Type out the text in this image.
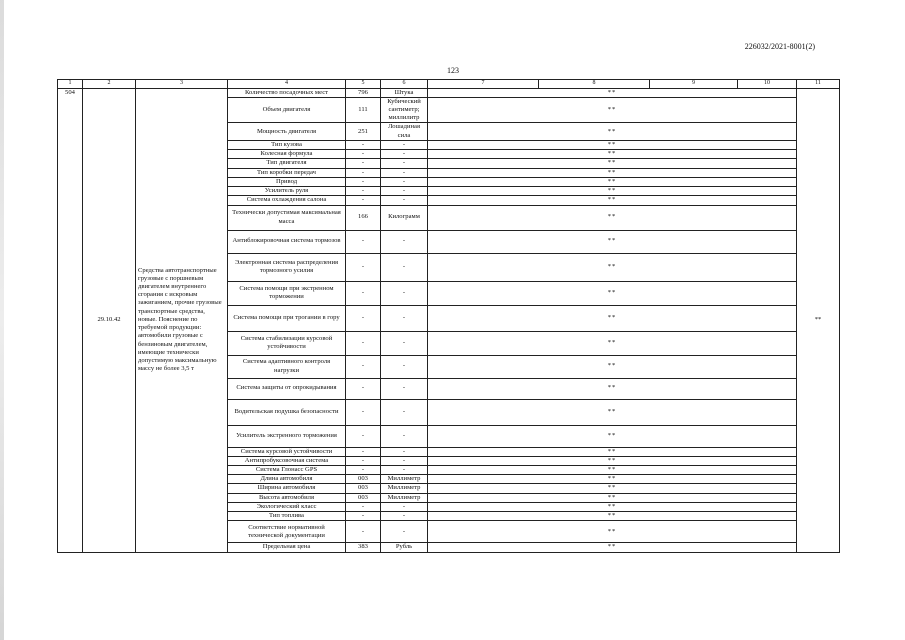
226032/2021-8001(2)
123
1	2	3	4	5	6	7	8	9	10	11
504	29.10.42	Средства автотранспортные грузовые с поршневым двигателем внутреннего сгорания с искровым зажиганием, прочие грузовые транспортные средства, новые. Пояснение по требуемой продукции: автомобили грузовые с бензиновым двигателем, имеющие технически допустимую максимальную массу не более 3,5 т	Количество посадочных мест	796	Штука	**				**
			Объем двигателя	111	Кубический сантиметр; миллилитр	**				
			Мощность двигателя	251	Лошадиная сила	**				
			Тип кузова	-	-	**				
			Колесная формула	-	-	**				
			Тип двигателя	-	-	**				
			Тип коробки передач	-	-	**				
			Привод	-	-	**				
			Усилитель руля	-	-	**				
			Система охлаждения салона	-	-	**				
			Технически допустимая максимальная масса	166	Килограмм	**				
			Антиблокировочная система тормозов	-	-	**				
			Электронная система распределения тормозного усилия	-	-	**				
			Система помощи при экстренном торможении	-	-	**				
			Система помощи при трогании в гору	-	-	**				
			Система стабилизации курсовой устойчивости	-	-	**				
			Система адаптивного контроля нагрузки	-	-	**				
			Система защиты от опрокидывания	-	-	**				
			Водительская подушка безопасности	-	-	**				
			Усилитель экстренного торможения	-	-	**				
			Система курсовой устойчивости	-	-	**				
			Антипробуксовочная система	-	-	**				
			Система Глонасс GPS	-	-	**				
			Длина автомобиля	003	Миллиметр	**				
			Ширина автомобиля	003	Миллиметр	**				
			Высота автомобиля	003	Миллиметр	**				
			Экологический класс	-	-	**				
			Тип топлива	-	-	**				
			Соответствие нормативной технической документации	-	-	**				
			Предельная цена	383	Рубль	**				
